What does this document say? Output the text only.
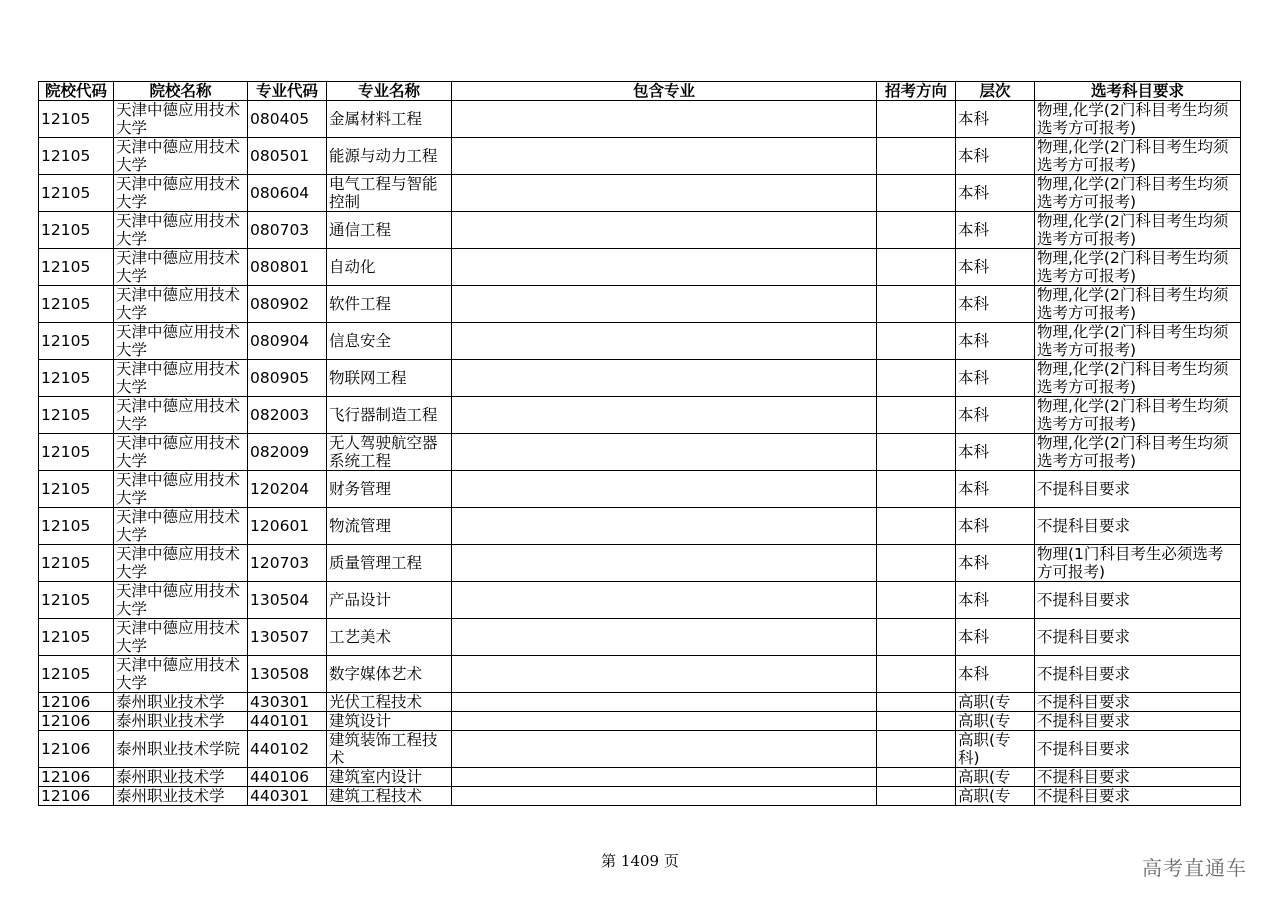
院校代码	院校名称	专业代码	专业名称	包含专业	招考方向	层次	选考科目要求
12105	天津中德应用技术大学	080405	金属材料工程			本科	物理,化学(2门科目考生均须选考方可报考)
12105	天津中德应用技术大学	080501	能源与动力工程			本科	物理,化学(2门科目考生均须选考方可报考)
12105	天津中德应用技术大学	080604	电气工程与智能控制			本科	物理,化学(2门科目考生均须选考方可报考)
12105	天津中德应用技术大学	080703	通信工程			本科	物理,化学(2门科目考生均须选考方可报考)
12105	天津中德应用技术大学	080801	自动化			本科	物理,化学(2门科目考生均须选考方可报考)
12105	天津中德应用技术大学	080902	软件工程			本科	物理,化学(2门科目考生均须选考方可报考)
12105	天津中德应用技术大学	080904	信息安全			本科	物理,化学(2门科目考生均须选考方可报考)
12105	天津中德应用技术大学	080905	物联网工程			本科	物理,化学(2门科目考生均须选考方可报考)
12105	天津中德应用技术大学	082003	飞行器制造工程			本科	物理,化学(2门科目考生均须选考方可报考)
12105	天津中德应用技术大学	082009	无人驾驶航空器系统工程			本科	物理,化学(2门科目考生均须选考方可报考)
12105	天津中德应用技术大学	120204	财务管理			本科	不提科目要求
12105	天津中德应用技术大学	120601	物流管理			本科	不提科目要求
12105	天津中德应用技术大学	120703	质量管理工程			本科	物理(1门科目考生必须选考方可报考)
12105	天津中德应用技术大学	130504	产品设计			本科	不提科目要求
12105	天津中德应用技术大学	130507	工艺美术			本科	不提科目要求
12105	天津中德应用技术大学	130508	数字媒体艺术			本科	不提科目要求
12106	泰州职业技术学	430301	光伏工程技术			高职(专	不提科目要求
12106	泰州职业技术学	440101	建筑设计			高职(专	不提科目要求
12106	泰州职业技术学院	440102	建筑装饰工程技术			高职(专科)	不提科目要求
12106	泰州职业技术学	440106	建筑室内设计			高职(专	不提科目要求
12106	泰州职业技术学	440301	建筑工程技术			高职(专	不提科目要求
第 1409 页	高考直通车
